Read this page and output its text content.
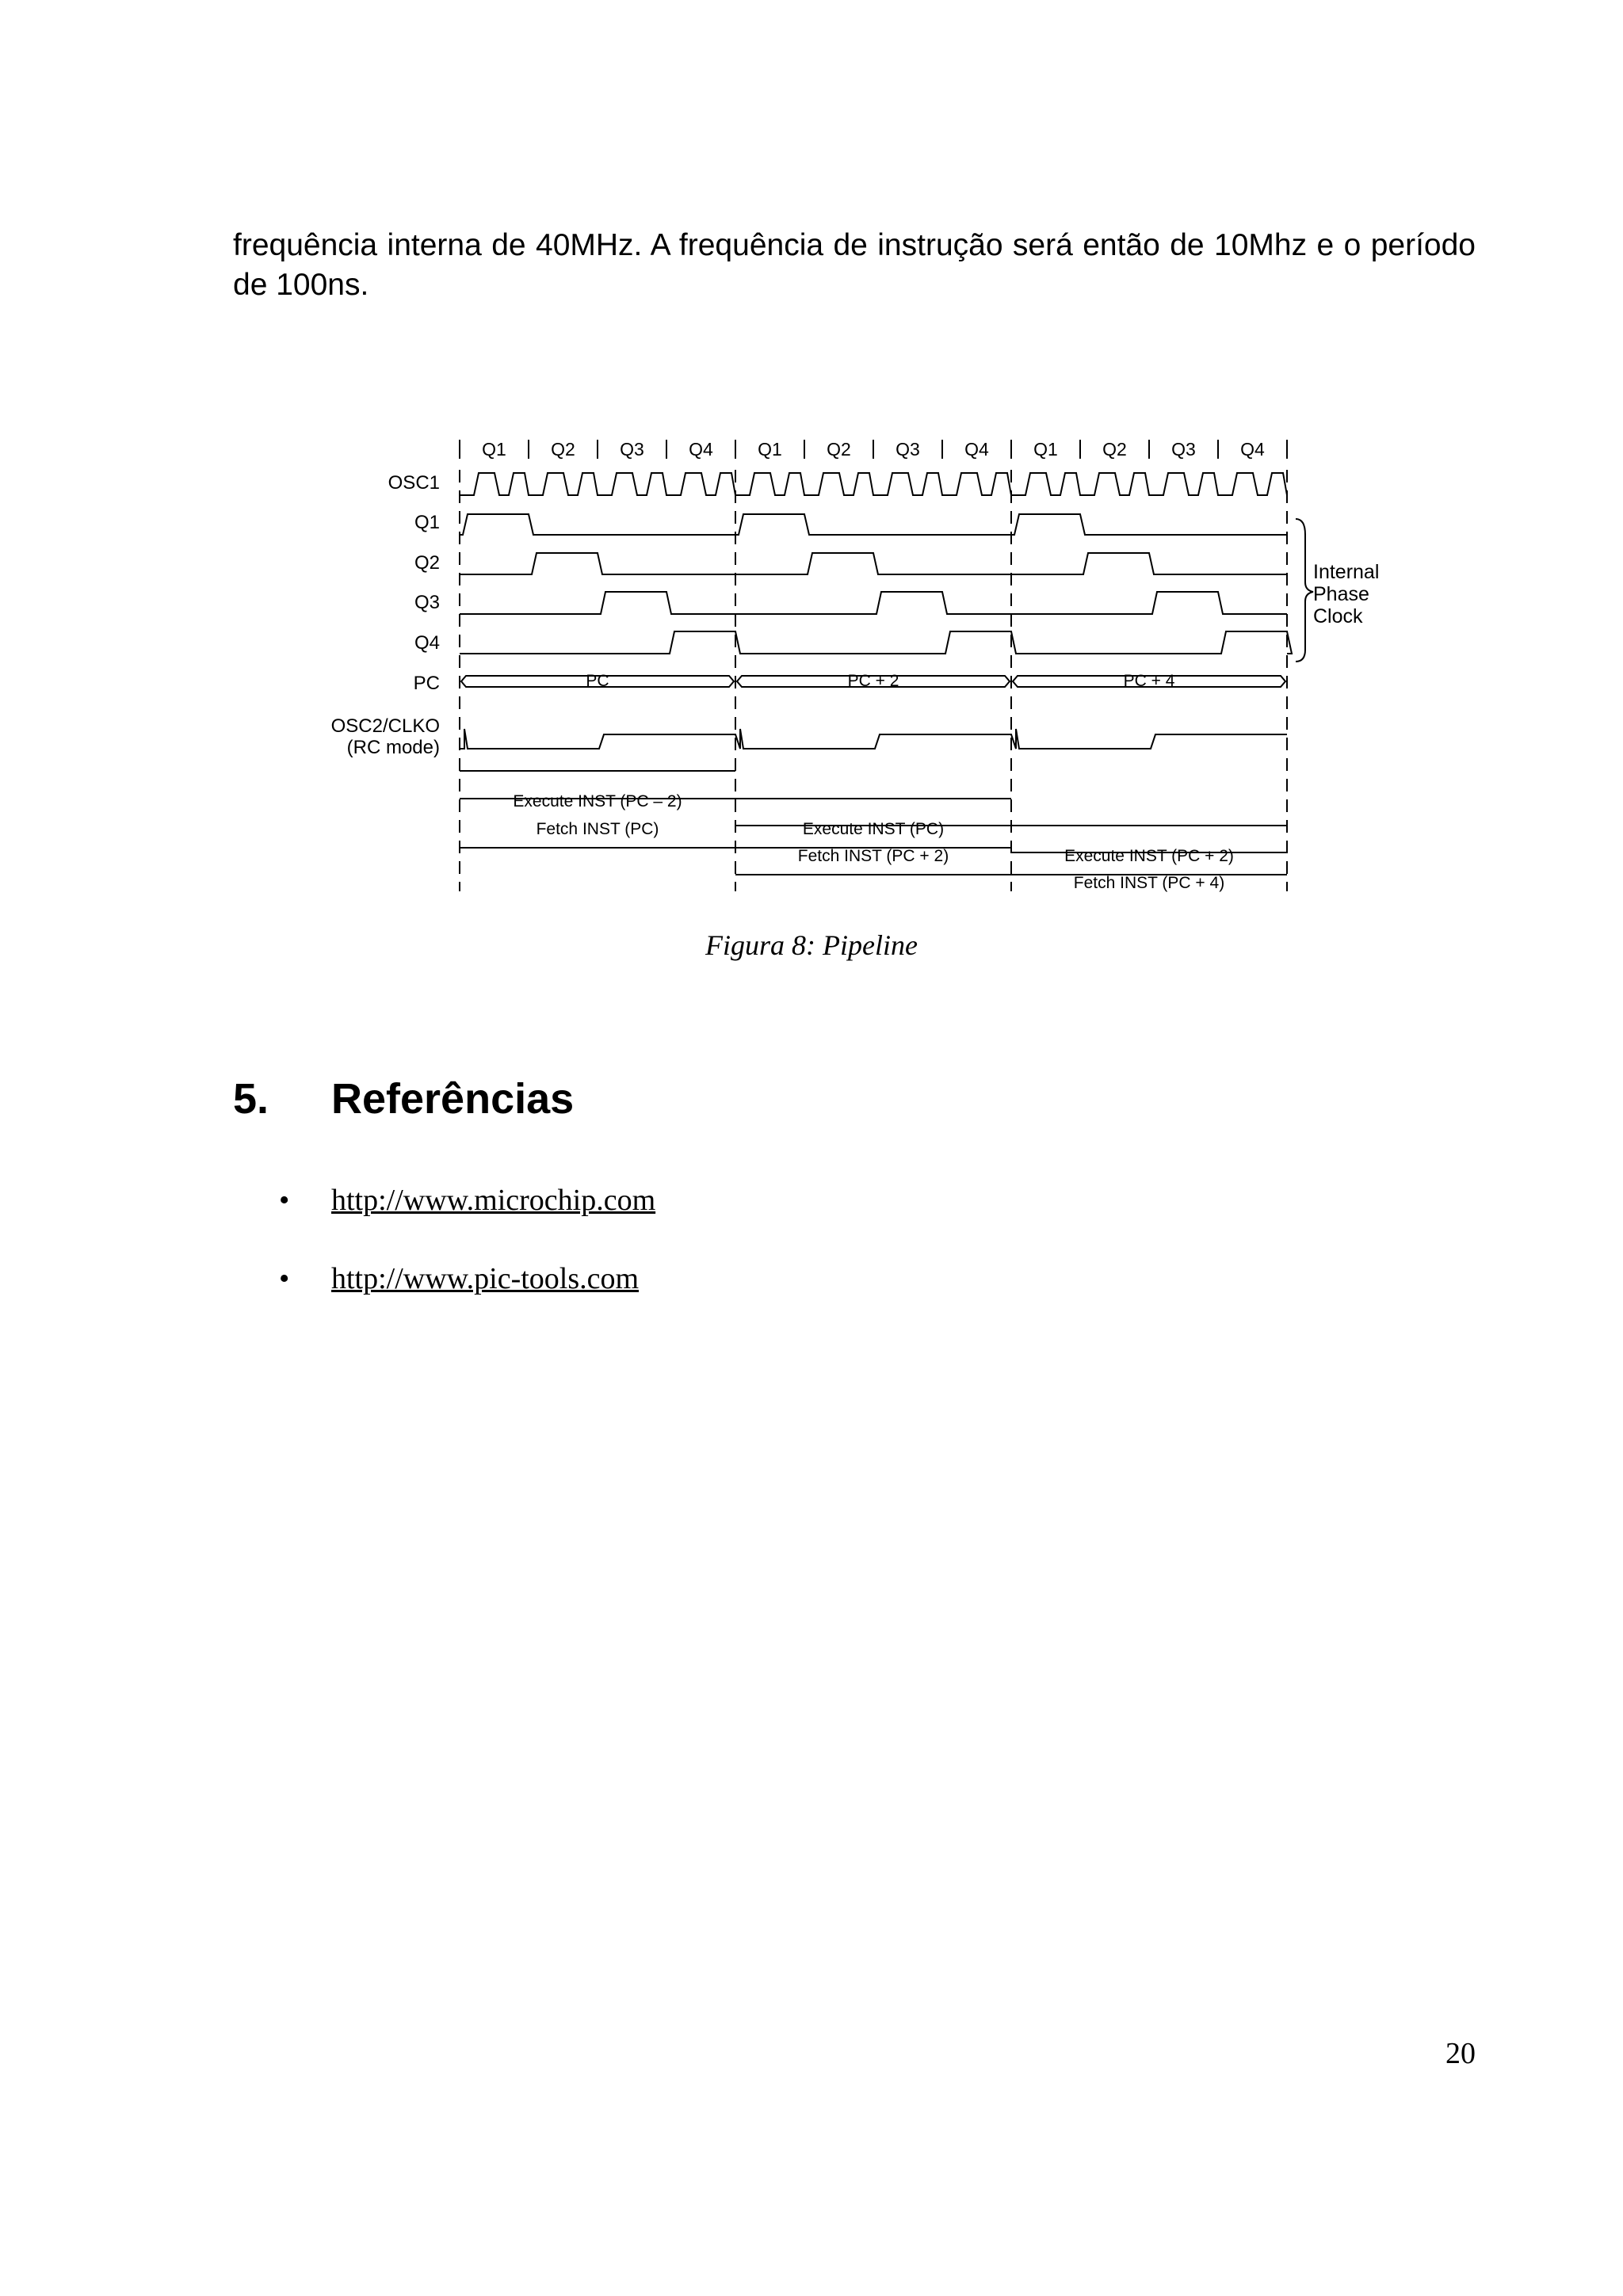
frequência interna de 40MHz. A frequência de instrução será então de 10Mhz e o período de 100ns.

Q1 Q2 Q3 Q4 Q1 Q2 Q3 Q4 Q1 Q2 Q3 Q4
OSC1
Q1
Q2
Q3
Q4
PC
OSC2/CLKO
(RC mode)
PC	PC + 2	PC + 4
Execute INST (PC – 2)
Fetch INST (PC)	Execute INST (PC)
Fetch INST (PC + 2)	Execute INST (PC + 2)
Fetch INST (PC + 4)
Internal
Phase
Clock

Figura 8: Pipeline

5. Referências
• http://www.microchip.com
• http://www.pic-tools.com

20
